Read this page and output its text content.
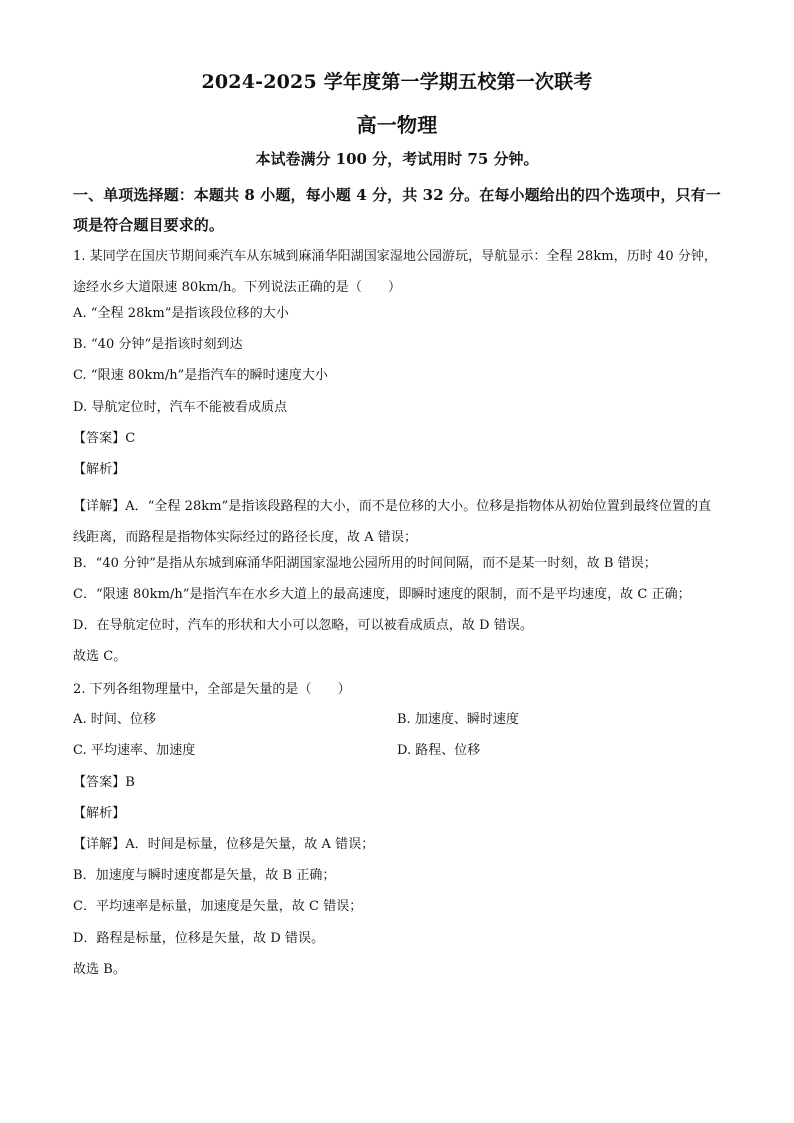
2024-2025 学年度第一学期五校第一次联考
高一物理
本试卷满分 100 分，考试用时 75 分钟。
一、单项选择题：本题共 8 小题，每小题 4 分，共 32 分。在每小题给出的四个选项中，只有一项是符合题目要求的。
1. 某同学在国庆节期间乘汽车从东城到麻涌华阳湖国家湿地公园游玩，导航显示：全程 28km，历时 40 分钟，途经水乡大道限速 80km/h。下列说法正确的是（　　）
A. “全程 28km”是指该段位移的大小
B. “40 分钟”是指该时刻到达
C. “限速 80km/h”是指汽车的瞬时速度大小
D. 导航定位时，汽车不能被看成质点
【答案】C
【解析】
【详解】A．“全程 28km”是指该段路程的大小，而不是位移的大小。位移是指物体从初始位置到最终位置的直线距离，而路程是指物体实际经过的路径长度，故 A 错误；
B．“40 分钟”是指从东城到麻涌华阳湖国家湿地公园所用的时间间隔，而不是某一时刻，故 B 错误；
C．“限速 80km/h”是指汽车在水乡大道上的最高速度，即瞬时速度的限制，而不是平均速度，故 C 正确；
D．在导航定位时，汽车的形状和大小可以忽略，可以被看成质点，故 D 错误。
故选 C。
2. 下列各组物理量中，全部是矢量的是（　　）
A. 时间、位移	B. 加速度、瞬时速度
C. 平均速率、加速度	D. 路程、位移
【答案】B
【解析】
【详解】A．时间是标量，位移是矢量，故 A 错误；
B．加速度与瞬时速度都是矢量，故 B 正确；
C．平均速率是标量，加速度是矢量，故 C 错误；
D．路程是标量，位移是矢量，故 D 错误。
故选 B。
